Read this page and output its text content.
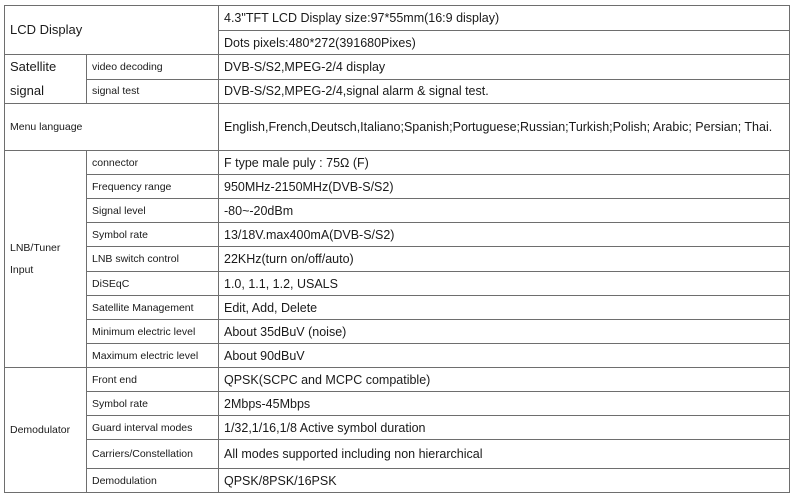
LCD Display		4.3"TFT LCD Display size:97*55mm(16:9 display)
		Dots pixels:480*272(391680Pixes)
Satellite signal	video decoding	DVB-S/S2,MPEG-2/4 display
	signal test	DVB-S/S2,MPEG-2/4,signal alarm & signal test.
Menu language		English,French,Deutsch,Italiano;Spanish;Portuguese;Russian;Turkish;Polish; Arabic; Persian; Thai.
LNB/Tuner Input	connector	F type male puly : 75Ω (F)
	Frequency range	950MHz-2150MHz(DVB-S/S2)
	Signal level	-80~-20dBm
	Symbol rate	13/18V.max400mA(DVB-S/S2)
	LNB switch control	22KHz(turn on/off/auto)
	DiSEqC	1.0, 1.1, 1.2, USALS
	Satellite Management	Edit, Add, Delete
	Minimum electric level	About 35dBuV (noise)
	Maximum electric level	About 90dBuV
Demodulator	Front end	QPSK(SCPC and MCPC compatible)
	Symbol rate	2Mbps-45Mbps
	Guard interval modes	1/32,1/16,1/8 Active symbol duration
	Carriers/Constellation	All modes supported including non hierarchical
	Demodulation	QPSK/8PSK/16PSK
